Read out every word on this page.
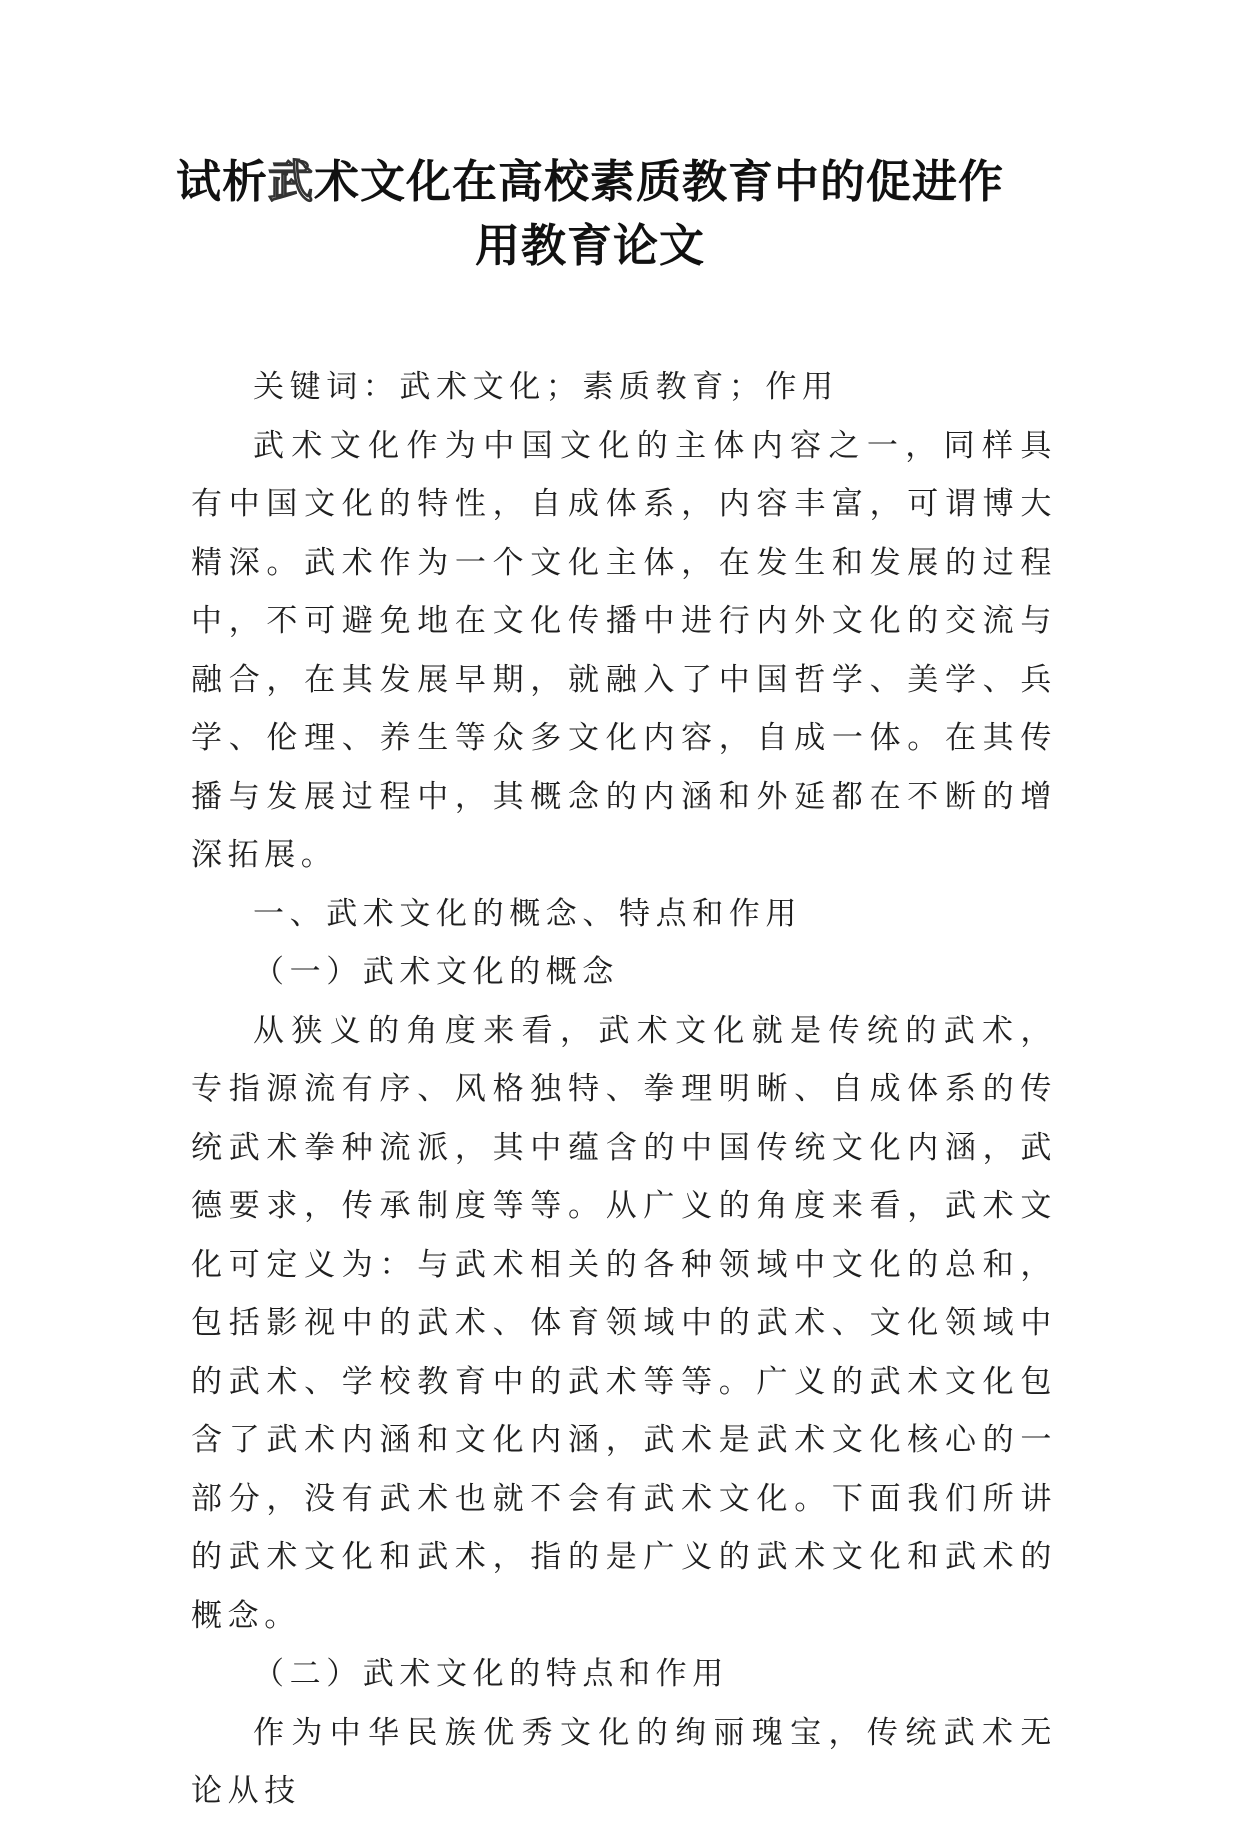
试析武术文化在高校素质教育中的促进作
用教育论文

关键词：武术文化；素质教育；作用

武术文化作为中国文化的主体内容之一，同样具有中国文化的特性，自成体系，内容丰富，可谓博大精深。武术作为一个文化主体，在发生和发展的过程中，不可避免地在文化传播中进行内外文化的交流与融合，在其发展早期，就融入了中国哲学、美学、兵学、伦理、养生等众多文化内容，自成一体。在其传播与发展过程中，其概念的内涵和外延都在不断的增深拓展。

一、武术文化的概念、特点和作用

（一）武术文化的概念

从狭义的角度来看，武术文化就是传统的武术，专指源流有序、风格独特、拳理明晰、自成体系的传统武术拳种流派，其中蕴含的中国传统文化内涵，武德要求，传承制度等等。从广义的角度来看，武术文化可定义为：与武术相关的各种领域中文化的总和，包括影视中的武术、体育领域中的武术、文化领域中的武术、学校教育中的武术等等。广义的武术文化包含了武术内涵和文化内涵，武术是武术文化核心的一部分，没有武术也就不会有武术文化。下面我们所讲的武术文化和武术，指的是广义的武术文化和武术的概念。

（二）武术文化的特点和作用

作为中华民族优秀文化的绚丽瑰宝，传统武术无论从技
